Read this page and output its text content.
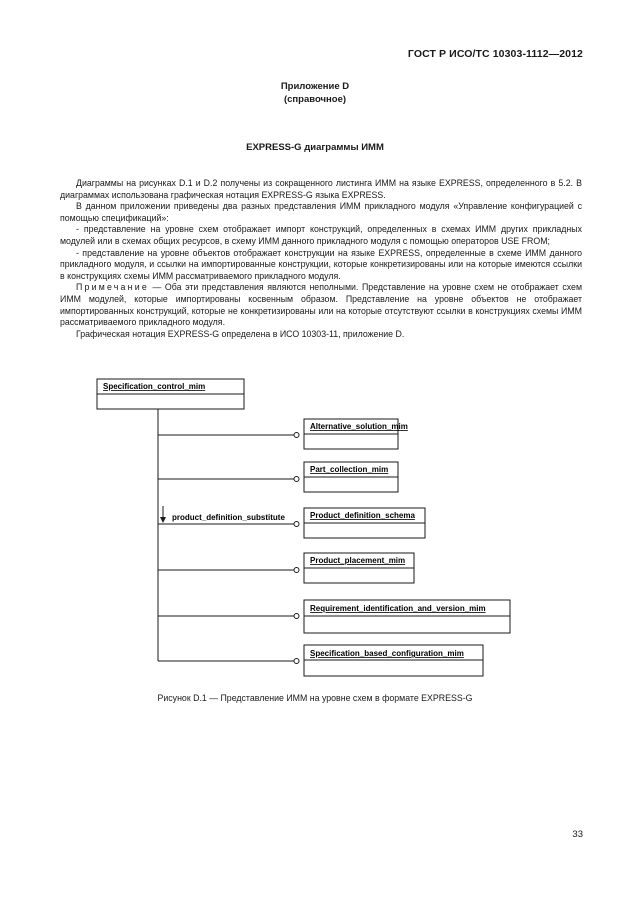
ГОСТ Р ИСО/ТС 10303-1112—2012
Приложение D
(справочное)
EXPRESS-G диаграммы ИММ

Диаграммы на рисунках D.1 и D.2 получены из сокращенного листинга ИММ на языке EXPRESS, определенного в 5.2. В диаграммах использована графическая нотация EXPRESS-G языка EXPRESS.

В данном приложении приведены два разных представления ИММ прикладного модуля «Управление конфигурацией с помощью спецификаций»:

- представление на уровне схем отображает импорт конструкций, определенных в схемах ИММ других прикладных модулей или в схемах общих ресурсов, в схему ИММ данного прикладного модуля с помощью операторов USE FROM;

- представление на уровне объектов отображает конструкции на языке EXPRESS, определенные в схеме ИММ данного прикладного модуля, и ссылки на импортированные конструкции, которые конкретизированы или на которые имеются ссылки в конструкциях схемы ИММ рассматриваемого прикладного модуля.

Примечание — Оба эти представления являются неполными. Представление на уровне схем не отображает схем ИММ модулей, которые импортированы косвенным образом. Представление на уровне объектов не отображает импортированных конструкций, которые не конкретизированы или на которые отсутствуют ссылки в конструкциях схемы ИММ рассматриваемого прикладного модуля.

Графическая нотация EXPRESS-G определена в ИСО 10303-11, приложение D.

Specification_control_mim
product_definition_substitute
Alternative_solution_mim
Part_collection_mim
Product_definition_schema
Product_placement_mim
Requirement_identification_and_version_mim
Specification_based_configuration_mim
Рисунок D.1 — Представление ИММ на уровне схем в формате EXPRESS-G
33
